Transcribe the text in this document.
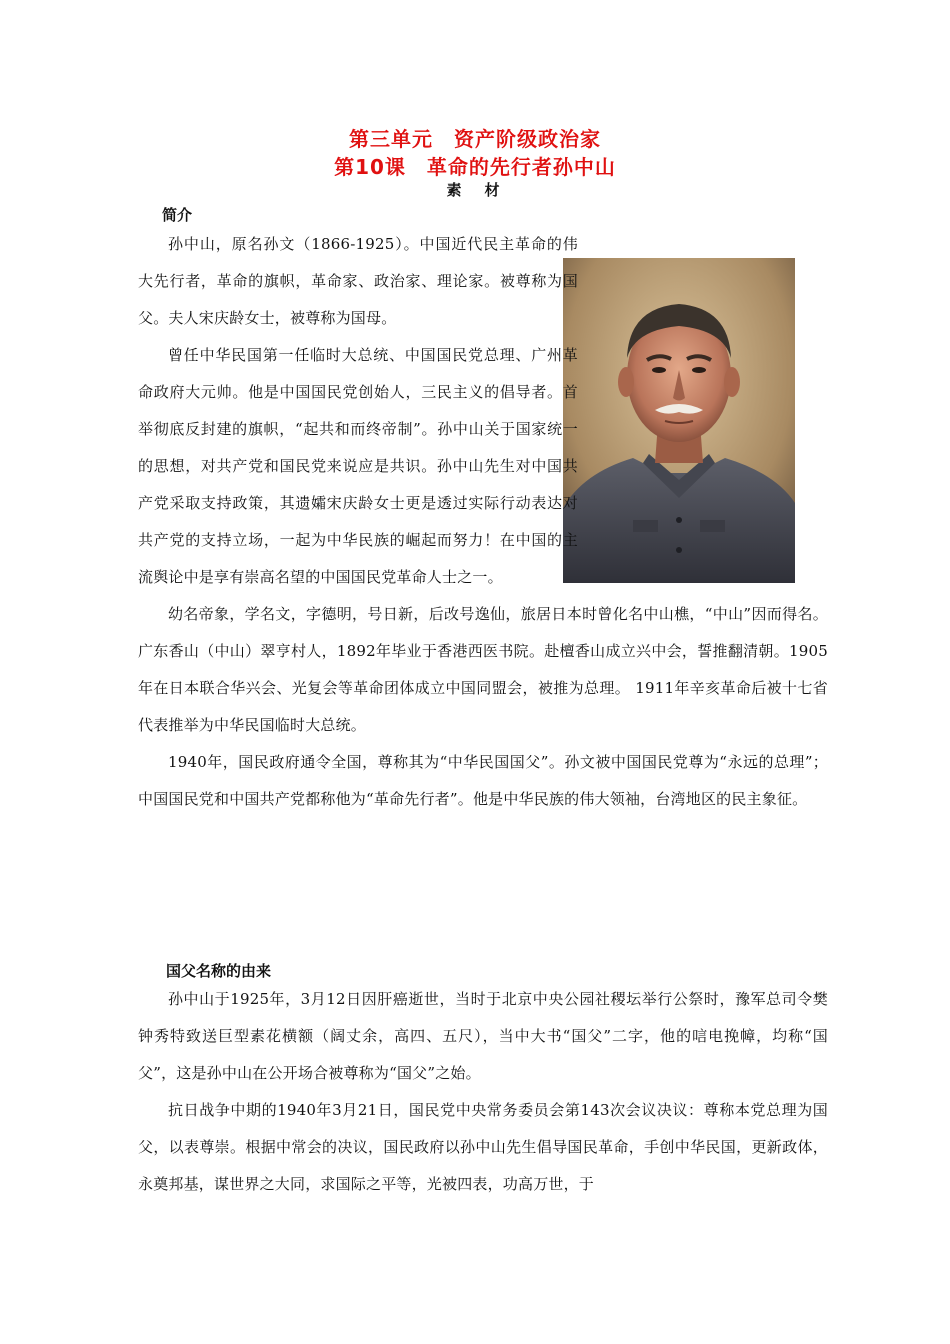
第三单元　资产阶级政治家
第10课　革命的先行者孙中山
素　材
简介

孙中山，原名孙文（1866-1925）。中国近代民主革命的伟大先行者，革命的旗帜，革命家、政治家、理论家。被尊称为国父。夫人宋庆龄女士，被尊称为国母。

曾任中华民国第一任临时大总统、中国国民党总理、广州革命政府大元帅。他是中国国民党创始人，三民主义的倡导者。首举彻底反封建的旗帜，“起共和而终帝制”。孙中山关于国家统一的思想，对共产党和国民党来说应是共识。孙中山先生对中国共产党采取支持政策，其遗孀宋庆龄女士更是透过实际行动表达对共产党的支持立场，一起为中华民族的崛起而努力！在中国的主流舆论中是享有崇高名望的中国国民党革命人士之一。

幼名帝象，学名文，字德明，号日新，后改号逸仙，旅居日本时曾化名中山樵，“中山”因而得名。广东香山（中山）翠亨村人，1892年毕业于香港西医书院。赴檀香山成立兴中会，誓推翻清朝。1905年在日本联合华兴会、光复会等革命团体成立中国同盟会，被推为总理。 1911年辛亥革命后被十七省代表推举为中华民国临时大总统。

1940年，国民政府通令全国，尊称其为“中华民国国父”。孙文被中国国民党尊为“永远的总理”；中国国民党和中国共产党都称他为“革命先行者”。他是中华民族的伟大领袖，台湾地区的民主象征。

国父名称的由来

孙中山于1925年，3月12日因肝癌逝世，当时于北京中央公园社稷坛举行公祭时，豫军总司令樊钟秀特致送巨型素花横额（阔丈余，高四、五尺），当中大书“国父”二字，他的唁电挽幛，均称“国父”，这是孙中山在公开场合被尊称为“国父”之始。

抗日战争中期的1940年3月21日，国民党中央常务委员会第143次会议决议：尊称本党总理为国父，以表尊崇。根据中常会的决议，国民政府以孙中山先生倡导国民革命，手创中华民国，更新政体，永奠邦基，谋世界之大同，求国际之平等，光被四表，功高万世，于
